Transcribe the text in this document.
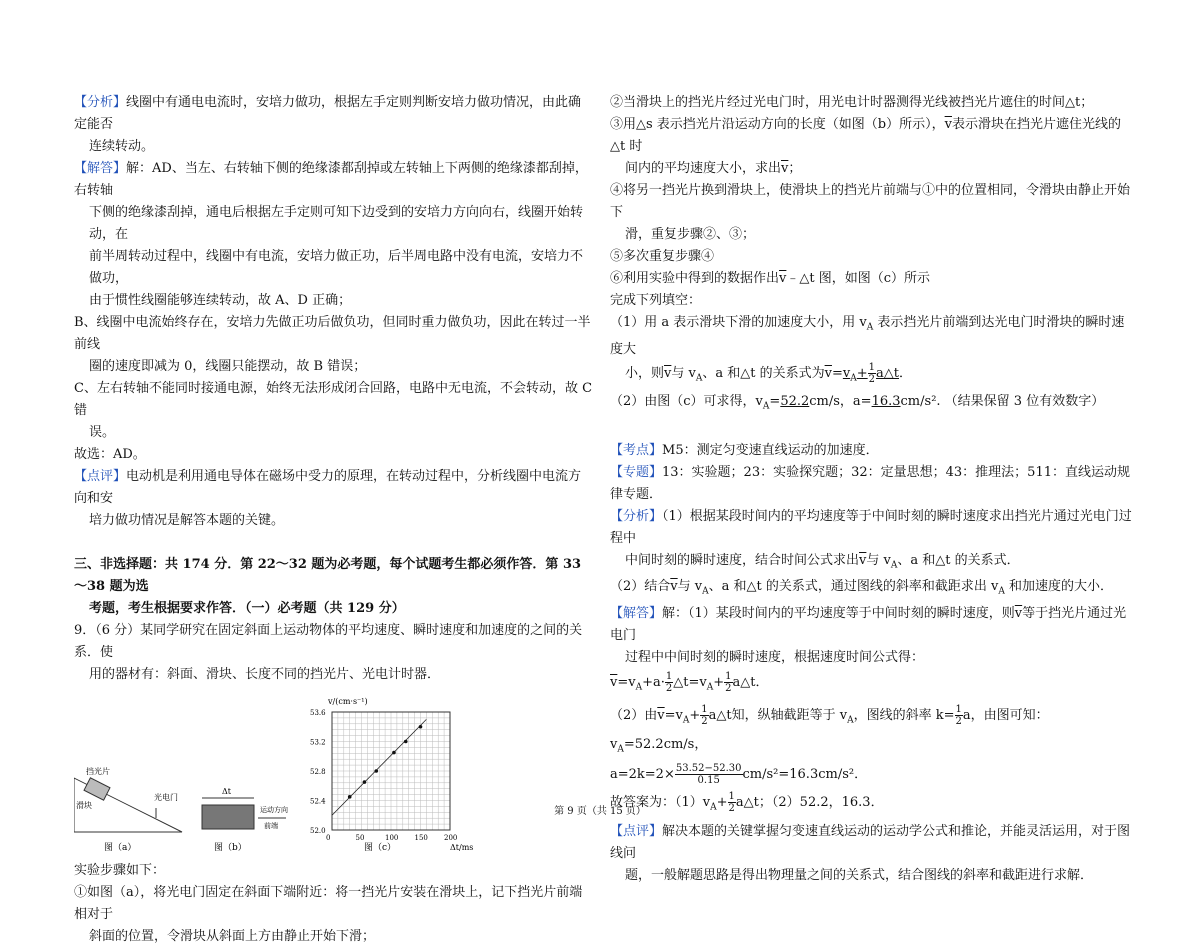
【分析】线圈中有通电电流时，安培力做功，根据左手定则判断安培力做功情况，由此确定能否

连续转动。

【解答】解：AD、当左、右转轴下侧的绝缘漆都刮掉或左转轴上下两侧的绝缘漆都刮掉，右转轴

下侧的绝缘漆刮掉，通电后根据左手定则可知下边受到的安培力方向向右，线圈开始转动，在

前半周转动过程中，线圈中有电流，安培力做正功，后半周电路中没有电流，安培力不做功，

由于惯性线圈能够连续转动，故 A、D 正确；

B、线圈中电流始终存在，安培力先做正功后做负功，但同时重力做负功，因此在转过一半前线

圈的速度即减为 0，线圈只能摆动，故 B 错误；

C、左右转轴不能同时接通电源，始终无法形成闭合回路，电路中无电流，不会转动，故 C 错

误。

故选：AD。

【点评】电动机是利用通电导体在磁场中受力的原理，在转动过程中，分析线圈中电流方向和安

培力做功情况是解答本题的关键。

三、非选择题：共 174 分．第 22～32 题为必考题，每个试题考生都必须作答．第 33～38 题为选

考题，考生根据要求作答．（一）必考题（共 129 分）

9．（6 分）某同学研究在固定斜面上运动物体的平均速度、瞬时速度和加速度的之间的关系．使

用的器材有：斜面、滑块、长度不同的挡光片、光电计时器．

挡光片
滑块
光电门
图（a）
Δt
运动方向
前端
图（b）
v/(cm·s⁻¹)
Δt/ms
图（c）
0	50	100 150 200
52.0
52.4
52.8
53.2
53.6

实验步骤如下：

①如图（a），将光电门固定在斜面下端附近：将一挡光片安装在滑块上，记下挡光片前端相对于

斜面的位置，令滑块从斜面上方由静止开始下滑；

②当滑块上的挡光片经过光电门时，用光电计时器测得光线被挡光片遮住的时间△t；

③用△s 表示挡光片沿运动方向的长度（如图（b）所示），$\overline{v}$表示滑块在挡光片遮住光线的△t 时

间内的平均速度大小，求出$\overline{v}$；

④将另一挡光片换到滑块上，使滑块上的挡光片前端与①中的位置相同，令滑块由静止开始下

滑，重复步骤②、③；

⑤多次重复步骤④

⑥利用实验中得到的数据作出$\overline{v}﹣\triangle t$ 图，如图（c）所示

完成下列填空：

（1）用 a 表示滑块下滑的加速度大小，用 $v_A$ 表示挡光片前端到达光电门时滑块的瞬时速度大

小，则$\overline{v}$与 $v_A$、a 和△t 的关系式为$\overline{v}=v_A+ \frac{1}{2}$ a△t．

（2）由图（c）可求得，$v_A=52.2cm/s$，a=16.3cm/s². （结果保留 3 位有效数字）

【考点】M5：测定匀变速直线运动的加速度．

【专题】13：实验题；23：实验探究题；32：定量思想；43：推理法；511：直线运动规律专题．

【分析】（1）根据某段时间内的平均速度等于中间时刻的瞬时速度求出挡光片通过光电门过程中

中间时刻的瞬时速度，结合时间公式求出$\overline{v}$与 $v_A$、a 和△t 的关系式．

（2）结合$\overline{v}$与 $v_A$、a 和△t 的关系式，通过图线的斜率和截距求出 $v_A$ 和加速度的大小．

【解答】解：（1）某段时间内的平均速度等于中间时刻的瞬时速度，则$\overline{v}$等于挡光片通过光电门

过程中中间时刻的瞬时速度，根据速度时间公式得：

$\overline{v}=v_A+a\cdot \frac{1}{2}$ $\triangle t=v_A+ \frac{1}{2}$ a△t．

（2）由$\overline{v}=v_A+ \frac{1}{2}$ a△t知，纵轴截距等于 $v_A$，图线的斜率 $k= \frac{1}{2}$ a，由图可知：

$v_A=52.2cm/s$，

$a=2k=2\times \frac{53.52-52.30}{0.15} cm/s^2=16.3cm/s^2$．

故答案为：$(1)v_A+ \frac{1}{2}$ a△t；（2）52.2，16.3．

【点评】解决本题的关键掌握匀变速直线运动的运动学公式和推论，并能灵活运用，对于图线问

题，一般解题思路是得出物理量之间的关系式，结合图线的斜率和截距进行求解．

第 9 页（共 15 页）
